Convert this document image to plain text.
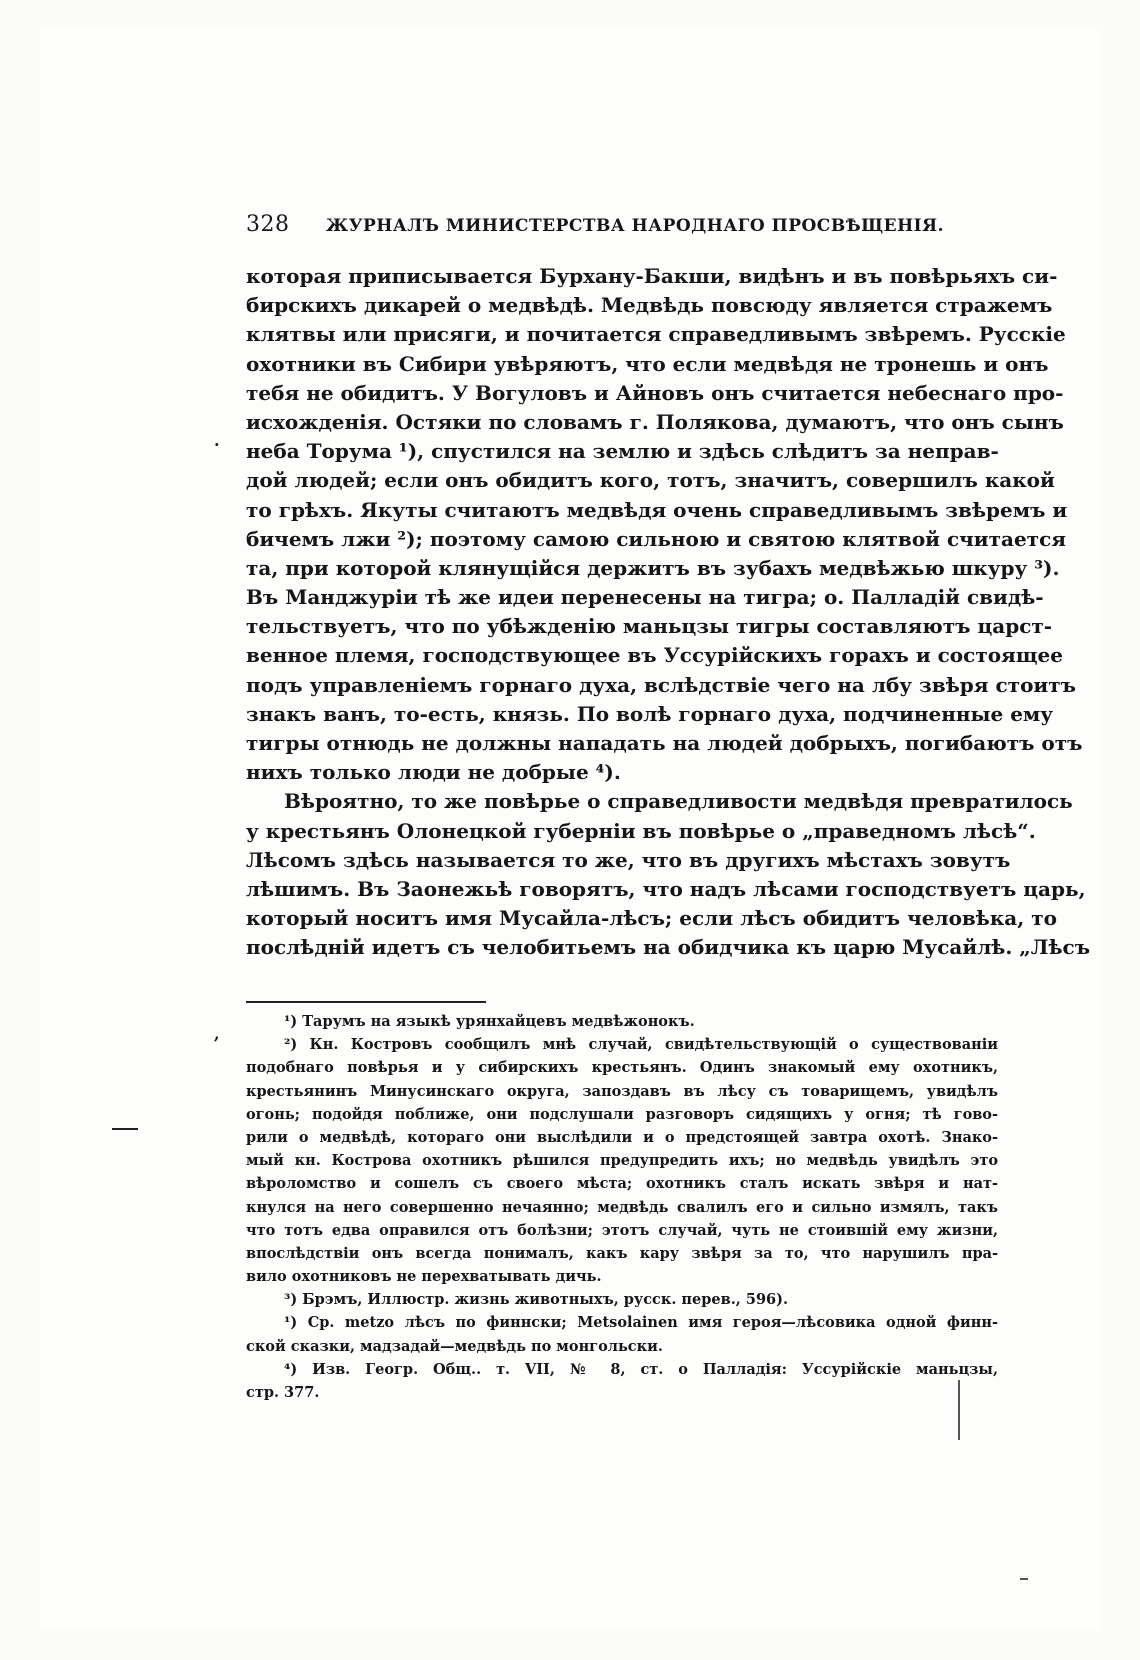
328 ЖУРНАЛЪ МИНИСТЕРСТВА НАРОДНАГО ПРОСВѢЩЕНІЯ.
·
которая приписывается Бурхану-Бакши, видѣнъ и въ повѣрьяхъ си-
бирскихъ дикарей о медвѣдѣ. Медвѣдь повсюду является стражемъ
клятвы или присяги, и почитается справедливымъ звѣремъ. Русскіе
охотники въ Сибири увѣряютъ, что если медвѣдя не тронешь и онъ
тебя не обидитъ. У Вогуловъ и Айновъ онъ считается небеснаго про-
исхожденія. Остяки по словамъ г. Полякова, думаютъ, что онъ сынъ
неба Торума ¹), спустился на землю и здѣсь слѣдитъ за неправ-
дой людей; если онъ обидитъ кого, тотъ, значитъ, совершилъ какой
то грѣхъ. Якуты считаютъ медвѣдя очень справедливымъ звѣремъ и
бичемъ лжи ²); поэтому самою сильною и святою клятвой считается
та, при которой клянущійся держитъ въ зубахъ медвѣжью шкуру ³).
Въ Манджуріи тѣ же идеи перенесены на тигра; о. Палладій свидѣ-
тельствуетъ, что по убѣжденію маньцзы тигры составляютъ царст-
венное племя, господствующее въ Уссурійскихъ горахъ и состоящее
подъ управленіемъ горнаго духа, вслѣдствіе чего на лбу звѣря стоитъ
знакъ ванъ, то-есть, князь. По волѣ горнаго духа, подчиненные ему
тигры отнюдь не должны нападать на людей добрыхъ, погибаютъ отъ
нихъ только люди не добрые ⁴).
Вѣроятно, то же повѣрье о справедливости медвѣдя превратилось
у крестьянъ Олонецкой губерніи въ повѣрье о „праведномъ лѣсѣ“.
Лѣсомъ здѣсь называется то же, что въ другихъ мѣстахъ зовутъ
лѣшимъ. Въ Заонежьѣ говорятъ, что надъ лѣсами господствуетъ царь,
который носитъ имя Мусайла-лѣсъ; если лѣсъ обидитъ человѣка, то
послѣдній идетъ съ челобитьемъ на обидчика къ царю Мусайлѣ. „Лѣсъ
,
¹) Тарумъ на языкѣ урянхайцевъ медвѣжонокъ.
²) Кн. Костровъ сообщилъ мнѣ случай, свидѣтельствующій о существованіи
подобнаго повѣрья и у сибирскихъ крестьянъ. Одинъ знакомый ему охотникъ,
крестьянинъ Минусинскаго округа, запоздавъ въ лѣсу съ товарищемъ, увидѣлъ
огонь; подойдя поближе, они подслушали разговоръ сидящихъ у огня; тѣ гово-
рили о медвѣдѣ, котораго они выслѣдили и о предстоящей завтра охотѣ. Знако-
мый кн. Кострова охотникъ рѣшился предупредить ихъ; но медвѣдь увидѣлъ это
вѣроломство и сошелъ съ своего мѣста; охотникъ сталъ искать звѣря и нат-
кнулся на него совершенно нечаянно; медвѣдь свалилъ его и сильно измялъ, такъ
что тотъ едва оправился отъ болѣзни; этотъ случай, чуть не стоившій ему жизни,
впослѣдствіи онъ всегда понималъ, какъ кару звѣря за то, что нарушилъ пра-
вило охотниковъ не перехватывать дичь.
³) Брэмъ, Иллюстр. жизнь животныхъ, русск. перев., 596).
¹) Ср. metzo лѣсъ по финнски; Metsolainen имя героя—лѣсовика одной финн-
ской сказки, мадзадай—медвѣдь по монгольски.
⁴) Изв. Геогр. Общ.. т. VII, № 8, ст. о Палладія: Уссурійскіе маньцзы,
стр. 377.
